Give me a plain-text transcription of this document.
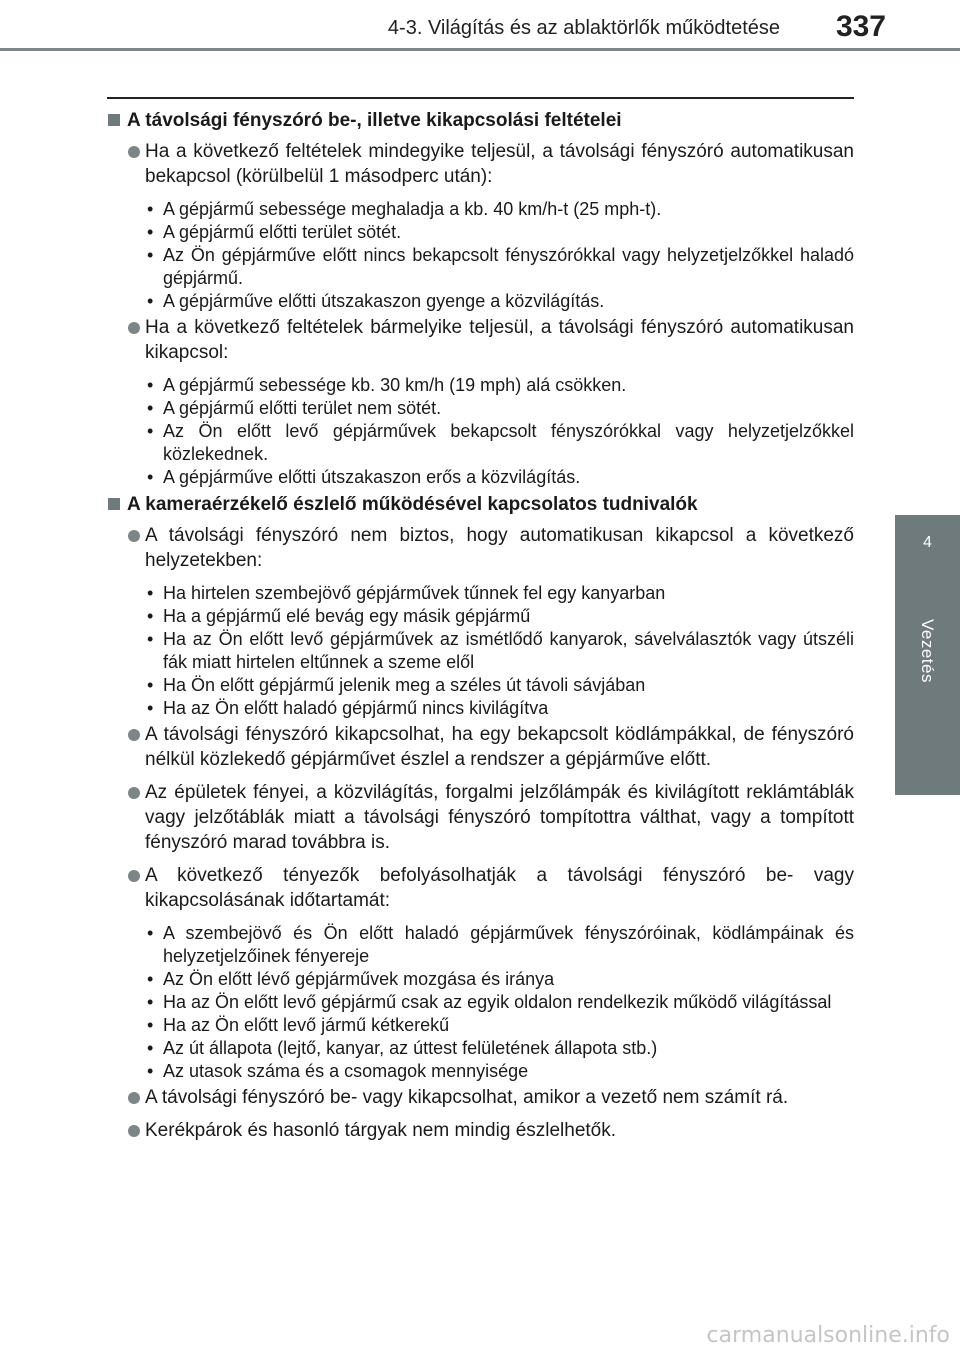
4-3. Világítás és az ablaktörlők működtetése 337
4
Vezetés
A távolsági fényszóró be-, illetve kikapcsolási feltételei
Ha a következő feltételek mindegyike teljesül, a távolsági fényszóró automatikusan bekapcsol (körülbelül 1 másodperc után):
• A gépjármű sebessége meghaladja a kb. 40 km/h-t (25 mph-t).
• A gépjármű előtti terület sötét.
• Az Ön gépjárműve előtt nincs bekapcsolt fényszórókkal vagy helyzetjelzőkkel haladó gépjármű.
• A gépjárműve előtti útszakaszon gyenge a közvilágítás.
Ha a következő feltételek bármelyike teljesül, a távolsági fényszóró automatikusan kikapcsol:
• A gépjármű sebessége kb. 30 km/h (19 mph) alá csökken.
• A gépjármű előtti terület nem sötét.
• Az Ön előtt levő gépjárművek bekapcsolt fényszórókkal vagy helyzetjelzőkkel közlekednek.
• A gépjárműve előtti útszakaszon erős a közvilágítás.
A kameraérzékelő észlelő működésével kapcsolatos tudnivalók
A távolsági fényszóró nem biztos, hogy automatikusan kikapcsol a következő helyzetekben:
• Ha hirtelen szembejövő gépjárművek tűnnek fel egy kanyarban
• Ha a gépjármű elé bevág egy másik gépjármű
• Ha az Ön előtt levő gépjárművek az ismétlődő kanyarok, sávelválasztók vagy útszéli fák miatt hirtelen eltűnnek a szeme elől
• Ha Ön előtt gépjármű jelenik meg a széles út távoli sávjában
• Ha az Ön előtt haladó gépjármű nincs kivilágítva
A távolsági fényszóró kikapcsolhat, ha egy bekapcsolt ködlámpákkal, de fényszóró nélkül közlekedő gépjárművet észlel a rendszer a gépjárműve előtt.
Az épületek fényei, a közvilágítás, forgalmi jelzőlámpák és kivilágított reklámtáblák vagy jelzőtáblák miatt a távolsági fényszóró tompítottra válthat, vagy a tompított fényszóró marad továbbra is.
A következő tényezők befolyásolhatják a távolsági fényszóró be- vagy kikapcsolásának időtartamát:
• A szembejövő és Ön előtt haladó gépjárművek fényszóróinak, ködlámpáinak és helyzetjelzőinek fényereje
• Az Ön előtt lévő gépjárművek mozgása és iránya
• Ha az Ön előtt levő gépjármű csak az egyik oldalon rendelkezik működő világítással
• Ha az Ön előtt levő jármű kétkerekű
• Az út állapota (lejtő, kanyar, az úttest felületének állapota stb.)
• Az utasok száma és a csomagok mennyisége
A távolsági fényszóró be- vagy kikapcsolhat, amikor a vezető nem számít rá.
Kerékpárok és hasonló tárgyak nem mindig észlelhetők.
carmanualsonline.info
